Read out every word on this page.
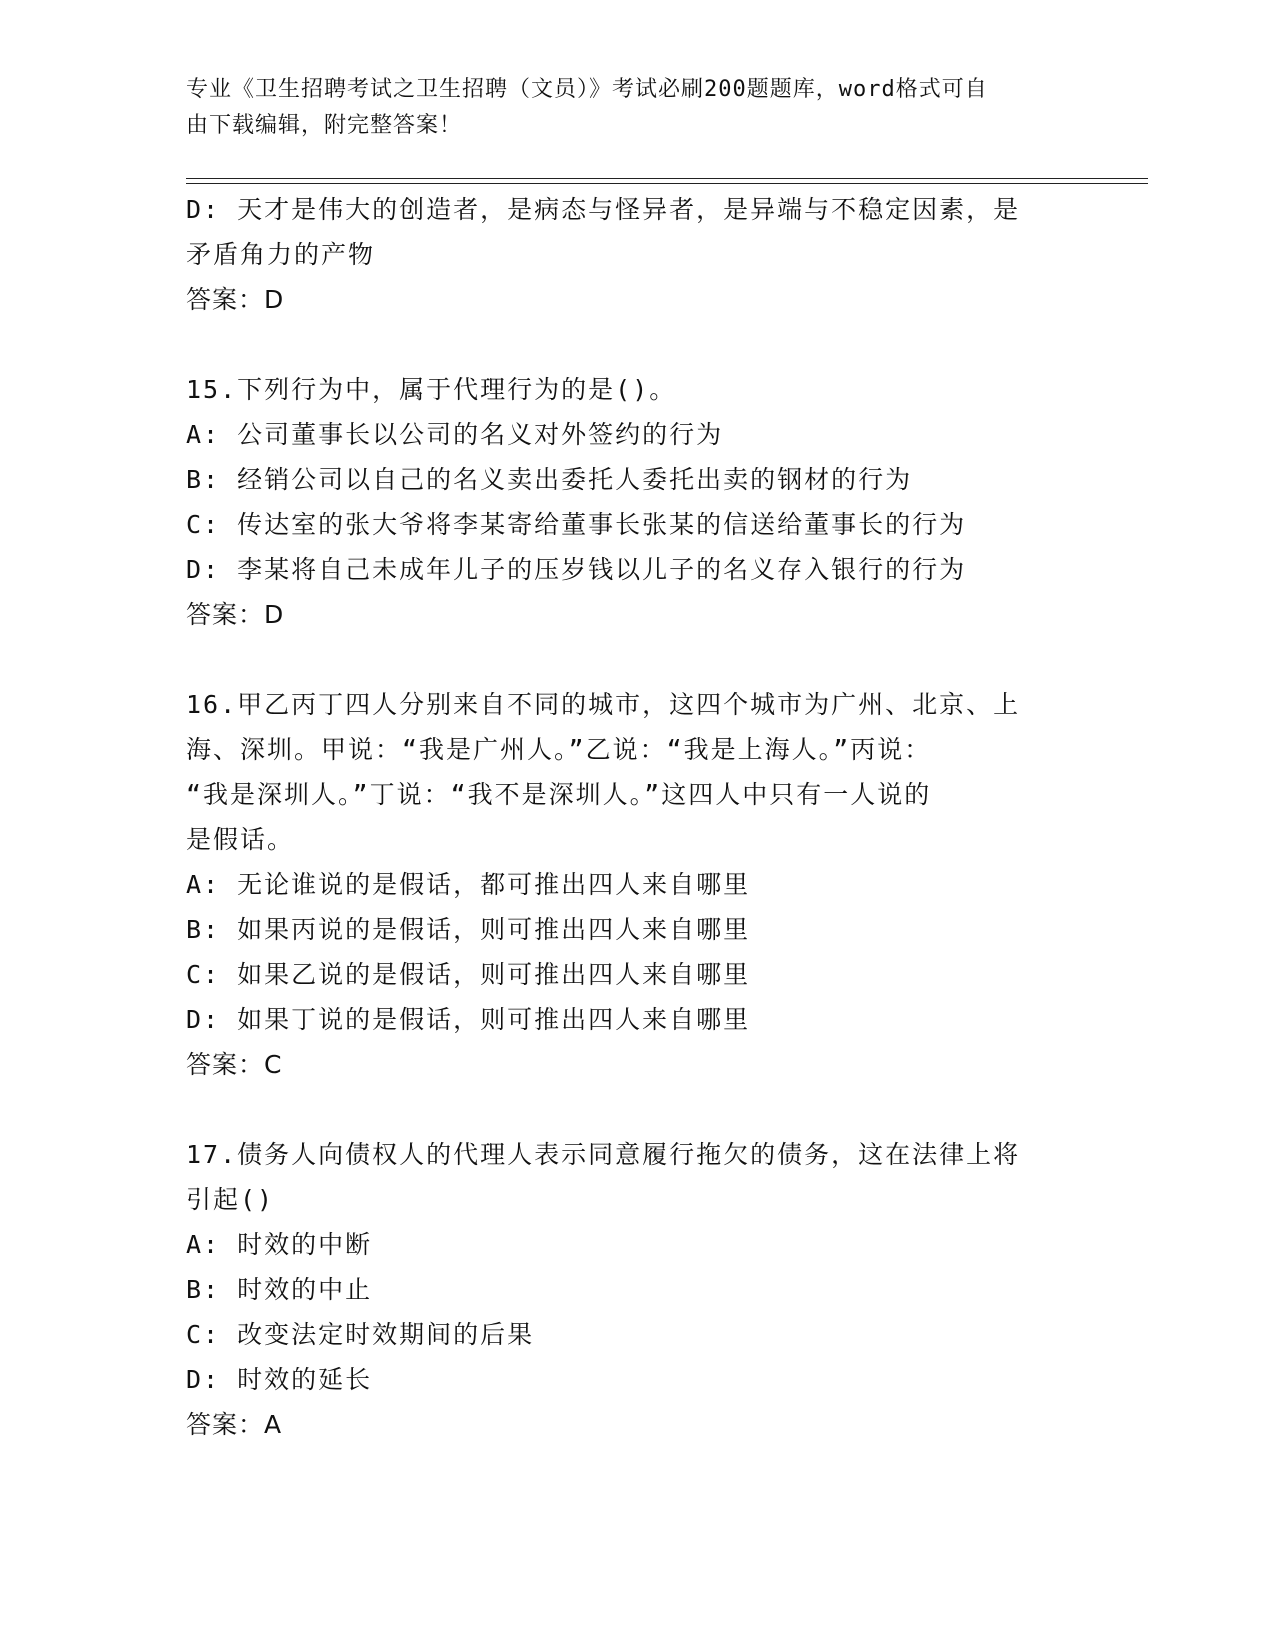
专业《卫生招聘考试之卫生招聘（文员）》考试必刷200题题库，word格式可自
由下载编辑，附完整答案！
D: 天才是伟大的创造者，是病态与怪异者，是异端与不稳定因素，是
矛盾角力的产物
答案：D
15.下列行为中，属于代理行为的是()。
A: 公司董事长以公司的名义对外签约的行为
B: 经销公司以自己的名义卖出委托人委托出卖的钢材的行为
C: 传达室的张大爷将李某寄给董事长张某的信送给董事长的行为
D: 李某将自己未成年儿子的压岁钱以儿子的名义存入银行的行为
答案：D
16.甲乙丙丁四人分别来自不同的城市，这四个城市为广州、北京、上
海、深圳。甲说：“我是广州人。”乙说：“我是上海人。”丙说：
“我是深圳人。”丁说：“我不是深圳人。”这四人中只有一人说的
是假话。
A: 无论谁说的是假话，都可推出四人来自哪里
B: 如果丙说的是假话，则可推出四人来自哪里
C: 如果乙说的是假话，则可推出四人来自哪里
D: 如果丁说的是假话，则可推出四人来自哪里
答案：C
17.债务人向债权人的代理人表示同意履行拖欠的债务，这在法律上将
引起()
A: 时效的中断
B: 时效的中止
C: 改变法定时效期间的后果
D: 时效的延长
答案：A
